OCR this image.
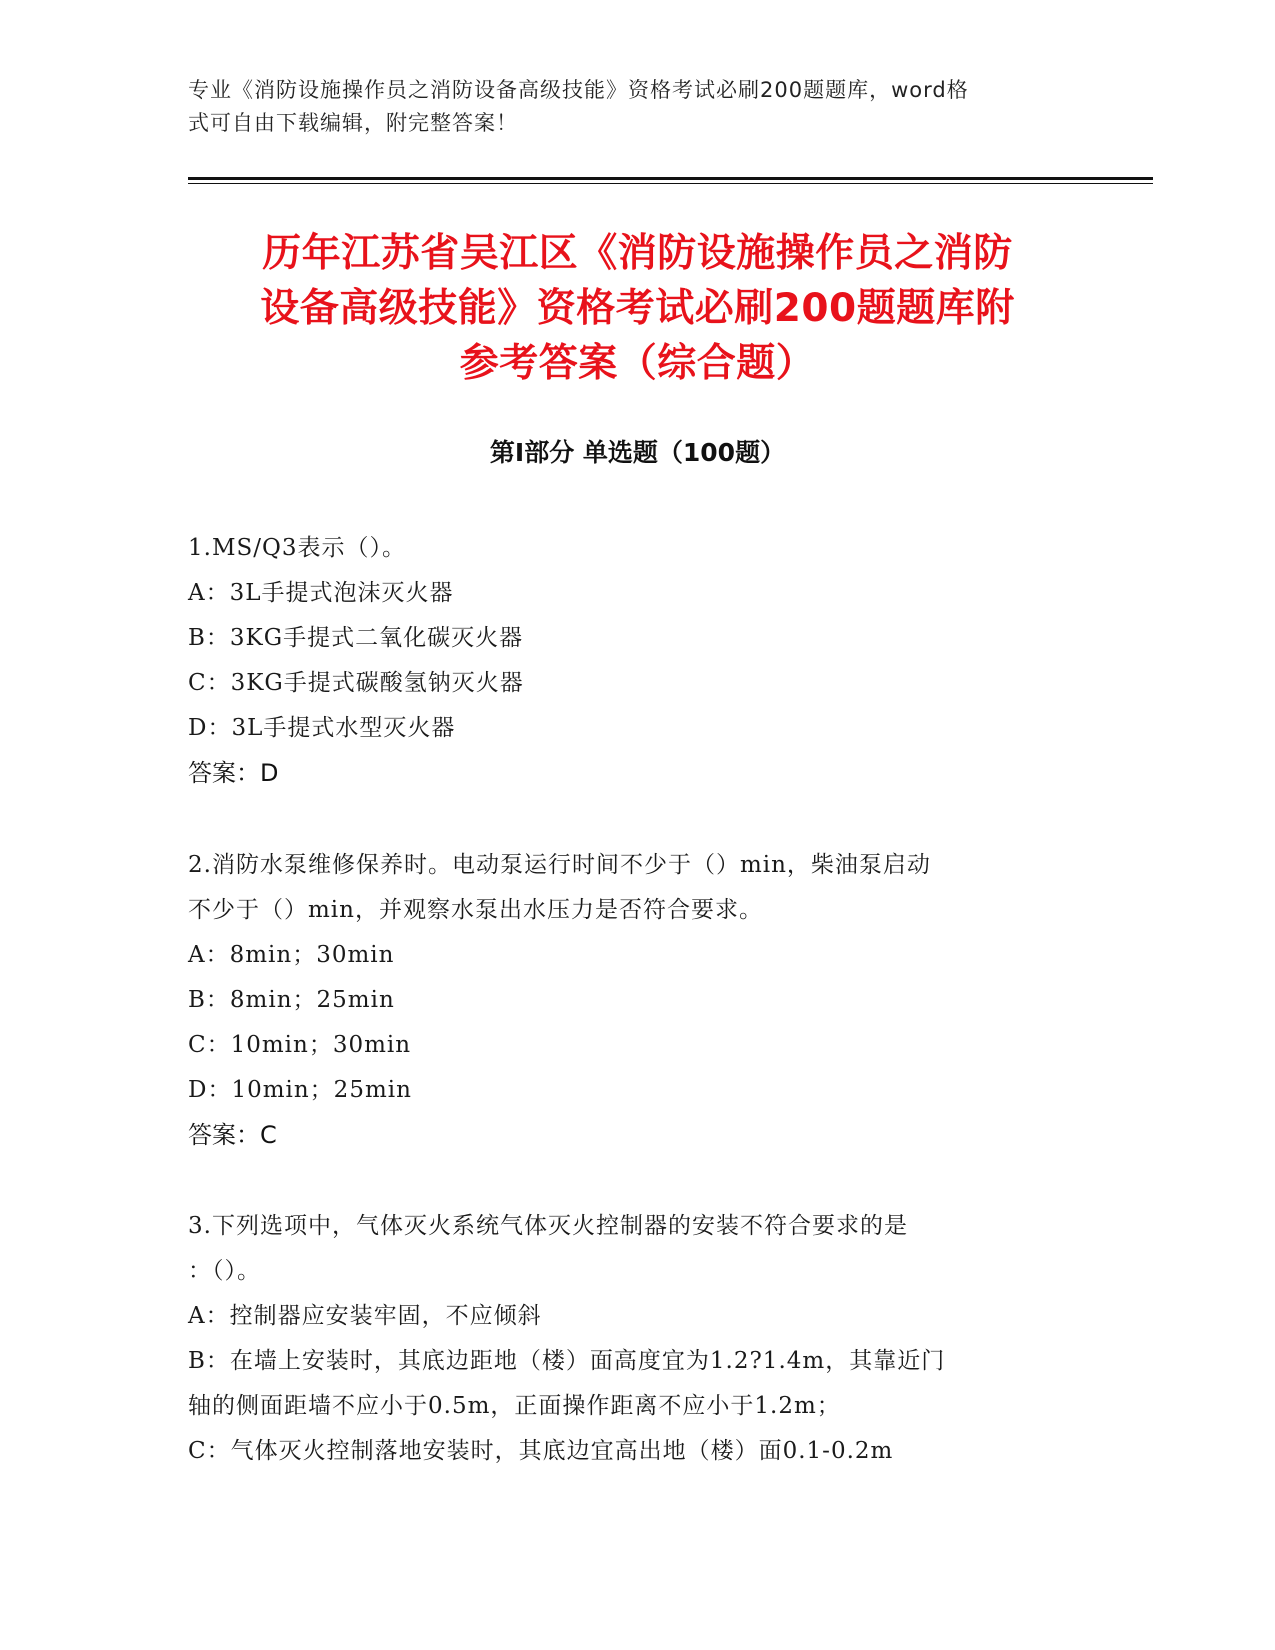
专业《消防设施操作员之消防设备高级技能》资格考试必刷200题题库，word格
式可自由下载编辑，附完整答案！
历年江苏省吴江区《消防设施操作员之消防
设备高级技能》资格考试必刷200题题库附
参考答案（综合题）
第Ⅰ部分 单选题（100题）
1.MS/Q3表示（）。
A：3L手提式泡沫灭火器
B：3KG手提式二氧化碳灭火器
C：3KG手提式碳酸氢钠灭火器
D：3L手提式水型灭火器
答案：D
2.消防水泵维修保养时。电动泵运行时间不少于（）min，柴油泵启动
不少于（）min，并观察水泵出水压力是否符合要求。
A：8min；30min
B：8min；25min
C：10min；30min
D：10min；25min
答案：C
3.下列选项中，气体灭火系统气体灭火控制器的安装不符合要求的是
：（）。
A：控制器应安装牢固，不应倾斜
B：在墙上安装时，其底边距地（楼）面高度宜为1.2?1.4m，其靠近门
轴的侧面距墙不应小于0.5m，正面操作距离不应小于1.2m；
C：气体灭火控制落地安装时，其底边宜高出地（楼）面0.1-0.2m
